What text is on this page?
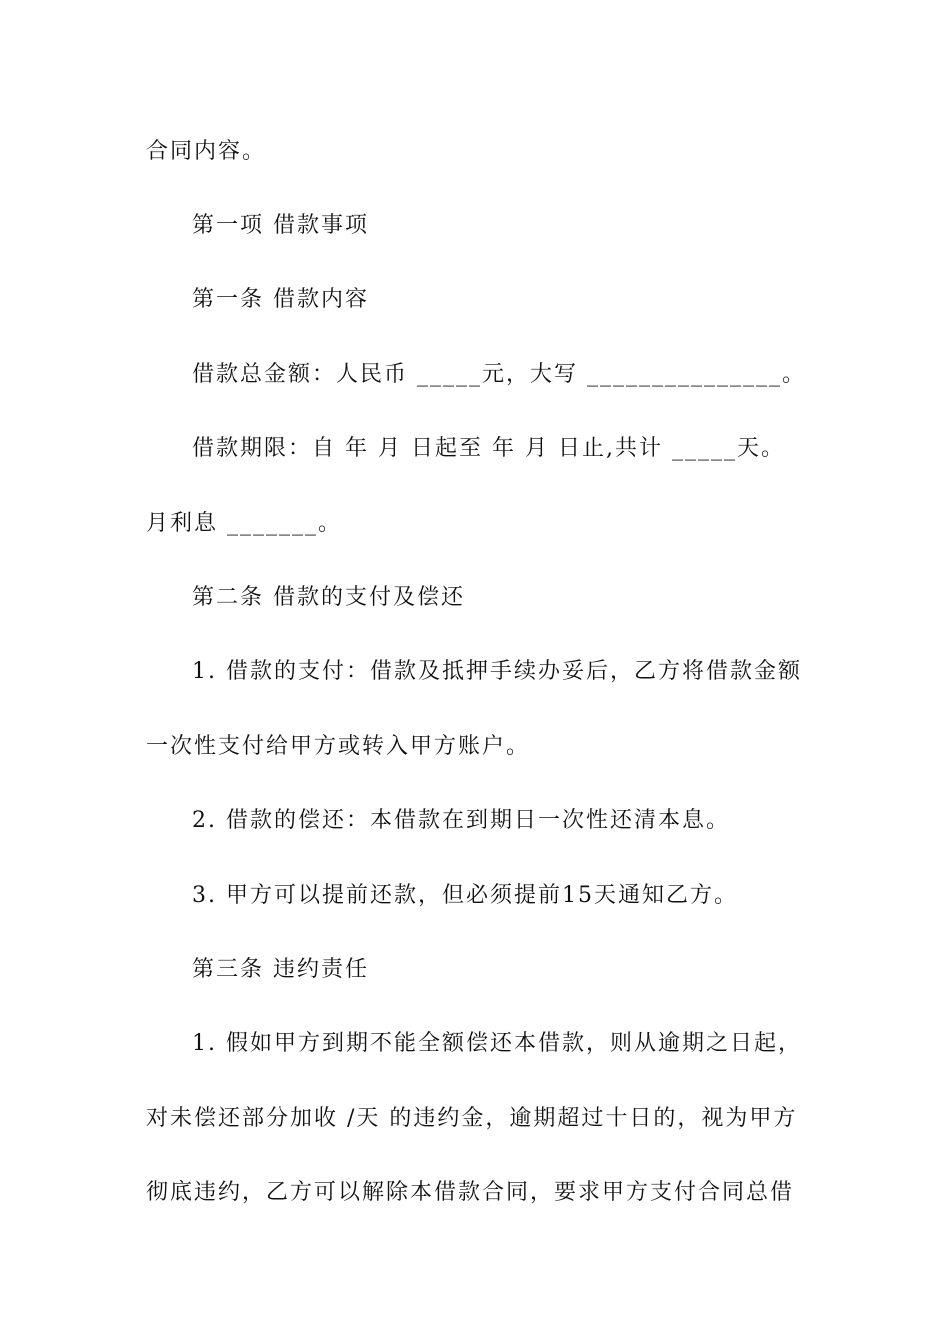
合同内容。
第一项 借款事项
第一条 借款内容
借款总金额：人民币 _____元，大写 _______________。
借款期限：自 年 月 日起至 年 月 日止,共计 _____天。
月利息 _______。
第二条 借款的支付及偿还
1. 借款的支付：借款及抵押手续办妥后，乙方将借款金额
一次性支付给甲方或转入甲方账户。
2. 借款的偿还：本借款在到期日一次性还清本息。
3. 甲方可以提前还款，但必须提前15天通知乙方。
第三条 违约责任
1. 假如甲方到期不能全额偿还本借款，则从逾期之日起，
对未偿还部分加收 /天 的违约金，逾期超过十日的，视为甲方
彻底违约，乙方可以解除本借款合同，要求甲方支付合同总借
